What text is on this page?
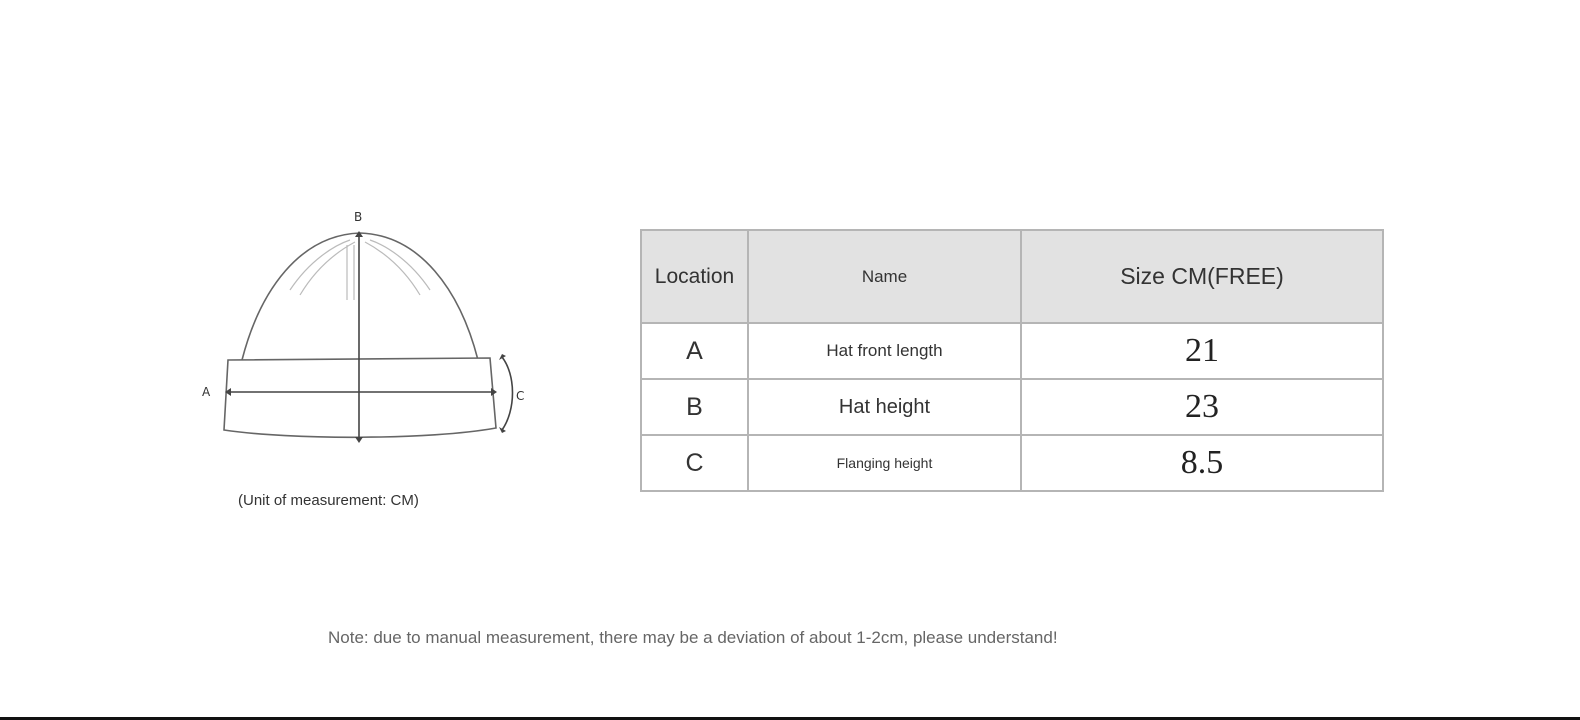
B
A	C
(Unit of measurement: CM)
Location	Name	Size CM(FREE)
A	Hat front length	21
B	Hat height	23
C	Flanging height	8.5
Note: due to manual measurement, there may be a deviation of about 1-2cm, please understand!
